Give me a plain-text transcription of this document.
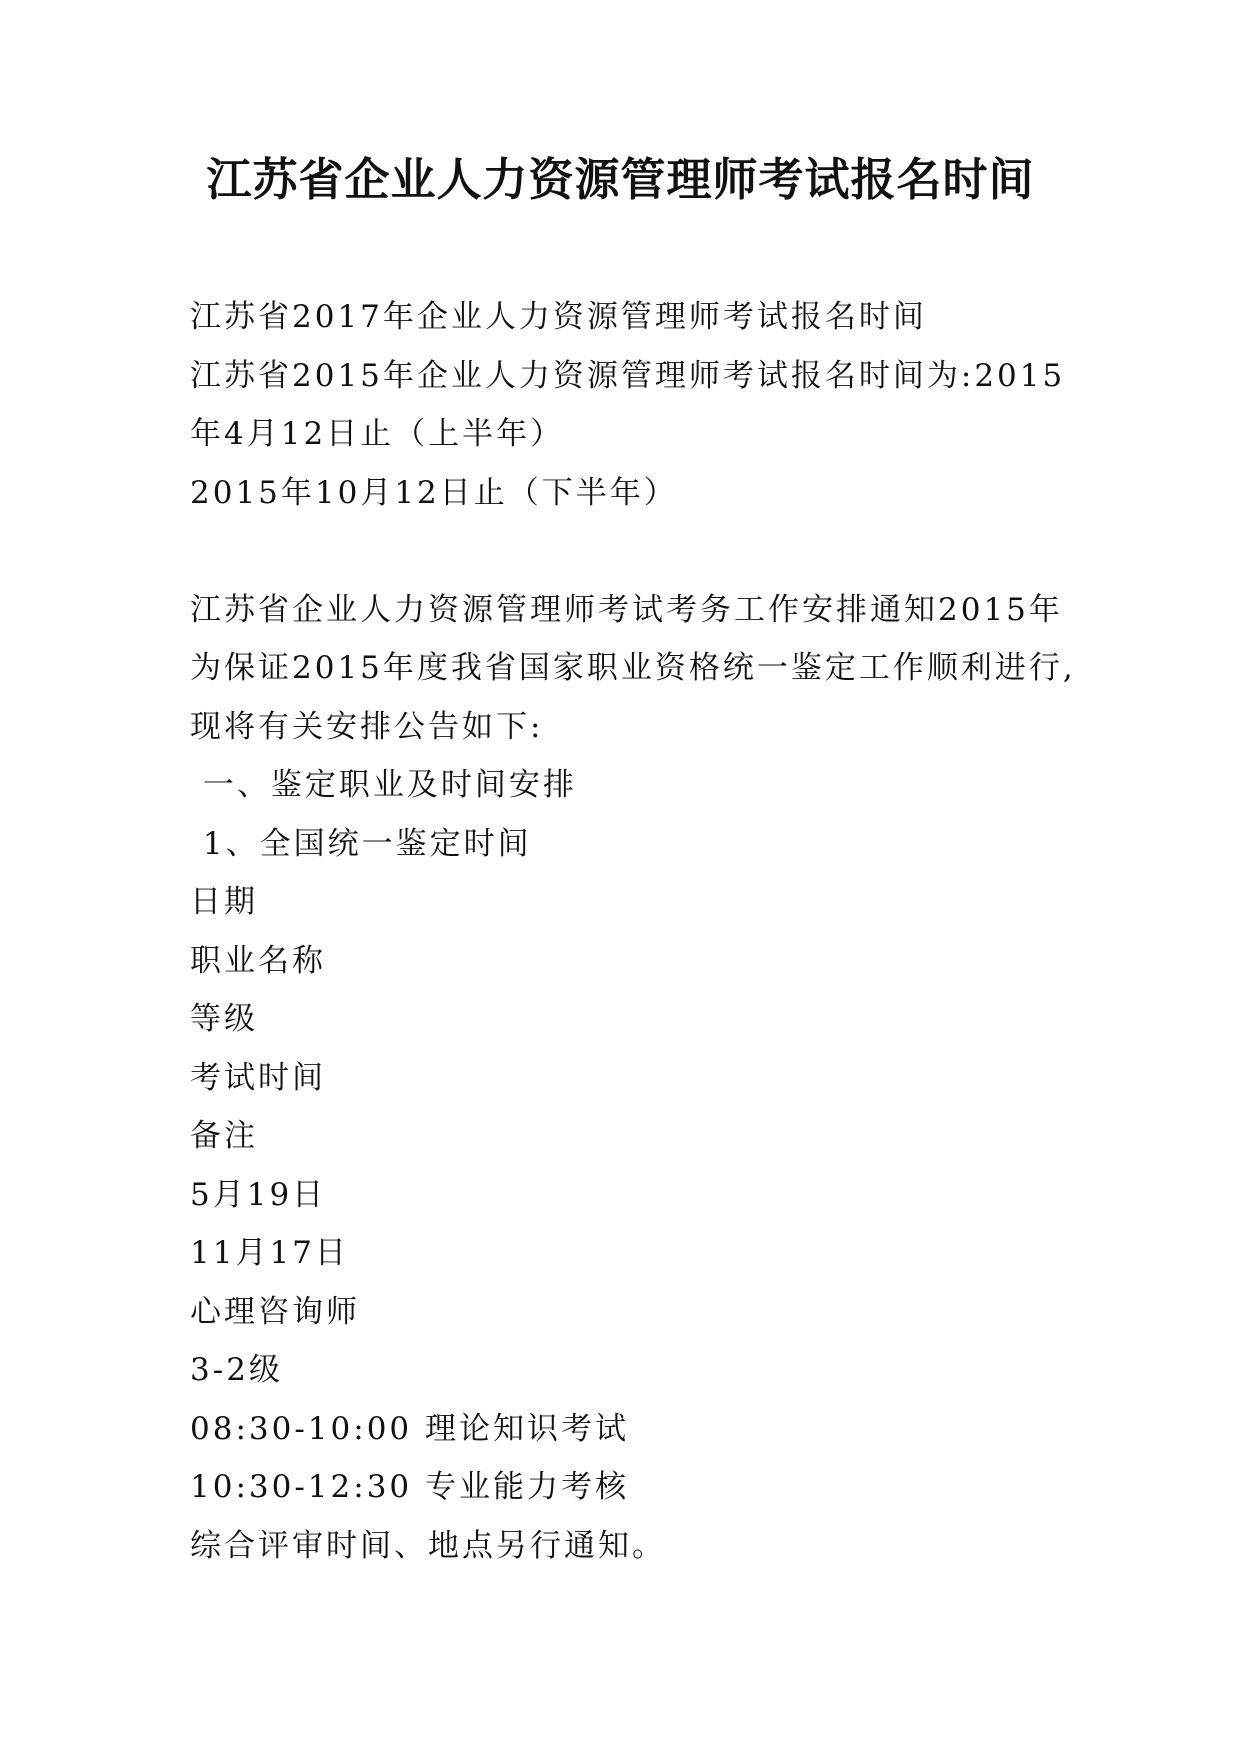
江苏省企业人力资源管理师考试报名时间
江苏省2017年企业人力资源管理师考试报名时间
江苏省2015年企业人力资源管理师考试报名时间为:2015
年4月12日止（上半年）
2015年10月12日止（下半年）
江苏省企业人力资源管理师考试考务工作安排通知2015年
为保证2015年度我省国家职业资格统一鉴定工作顺利进行,
现将有关安排公告如下:
一、鉴定职业及时间安排
1、全国统一鉴定时间
日期
职业名称
等级
考试时间
备注
5月19日
11月17日
心理咨询师
3-2级
08:30-10:00 理论知识考试
10:30-12:30 专业能力考核
综合评审时间、地点另行通知。
